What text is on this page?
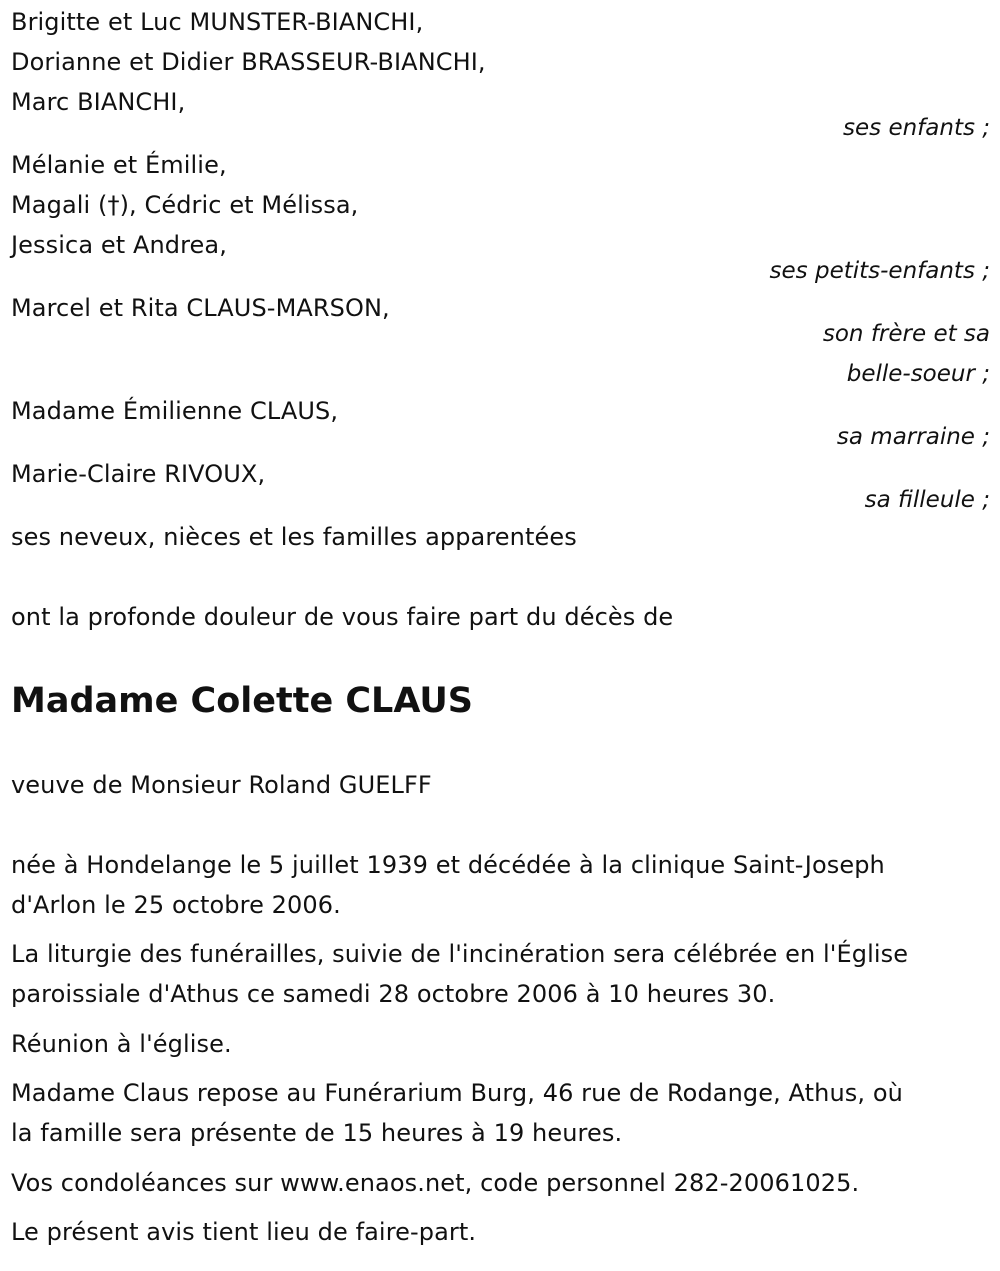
Brigitte et Luc MUNSTER-BIANCHI,
Dorianne et Didier BRASSEUR-BIANCHI,
Marc BIANCHI,
ses enfants ;
Mélanie et Émilie,
Magali (†), Cédric et Mélissa,
Jessica et Andrea,
ses petits-enfants ;
Marcel et Rita CLAUS-MARSON,
son frère et sa
belle-soeur ;
Madame Émilienne CLAUS,
sa marraine ;
Marie-Claire RIVOUX,
sa filleule ;
ses neveux, nièces et les familles apparentées
ont la profonde douleur de vous faire part du décès de
Madame Colette CLAUS
veuve de Monsieur Roland GUELFF
née à Hondelange le 5 juillet 1939 et décédée à la clinique Saint-Joseph
d'Arlon le 25 octobre 2006.
La liturgie des funérailles, suivie de l'incinération sera célébrée en l'Église
paroissiale d'Athus ce samedi 28 octobre 2006 à 10 heures 30.
Réunion à l'église.
Madame Claus repose au Funérarium Burg, 46 rue de Rodange, Athus, où
la famille sera présente de 15 heures à 19 heures.
Vos condoléances sur www.enaos.net, code personnel 282-20061025.
Le présent avis tient lieu de faire-part.
